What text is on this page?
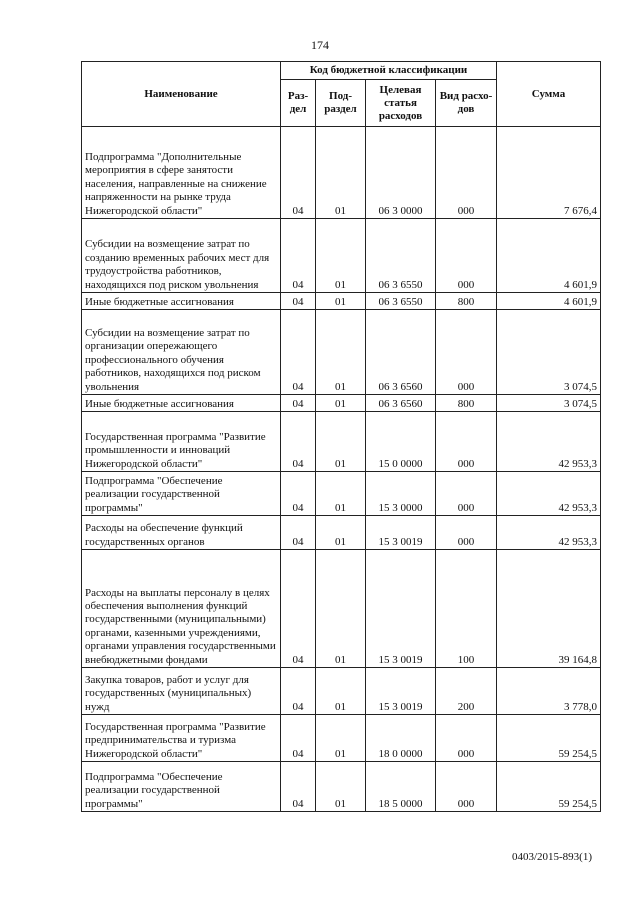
174
Наименование	Код бюджетной классификации				Сумма
	Раз-дел	Под-раздел	Целевая статья расходов	Вид расхо-дов	
Подпрограмма "Дополнительные мероприятия в сфере занятости населения, направленные на снижение напряженности на рынке труда Нижегородской области"	04	01	06 3 0000	000	7 676,4
Субсидии на возмещение затрат по созданию временных рабочих мест для трудоустройства работников, находящихся под риском увольнения	04	01	06 3 6550	000	4 601,9
Иные бюджетные ассигнования	04	01	06 3 6550	800	4 601,9
Субсидии на возмещение затрат по организации опережающего профессионального обучения работников, находящихся под риском увольнения	04	01	06 3 6560	000	3 074,5
Иные бюджетные ассигнования	04	01	06 3 6560	800	3 074,5
Государственная программа "Развитие промышленности и инноваций Нижегородской области"	04	01	15 0 0000	000	42 953,3
Подпрограмма "Обеспечение реализации государственной программы"	04	01	15 3 0000	000	42 953,3
Расходы на обеспечение функций государственных органов	04	01	15 3 0019	000	42 953,3
Расходы на выплаты персоналу в целях обеспечения выполнения функций государственными (муниципальными) органами, казенными учреждениями, органами управления государственными внебюджетными фондами	04	01	15 3 0019	100	39 164,8
Закупка товаров, работ и услуг для государственных (муниципальных) нужд	04	01	15 3 0019	200	3 778,0
Государственная программа "Развитие предпринимательства и туризма Нижегородской области"	04	01	18 0 0000	000	59 254,5
Подпрограмма "Обеспечение реализации государственной программы"	04	01	18 5 0000	000	59 254,5
0403/2015-893(1)
